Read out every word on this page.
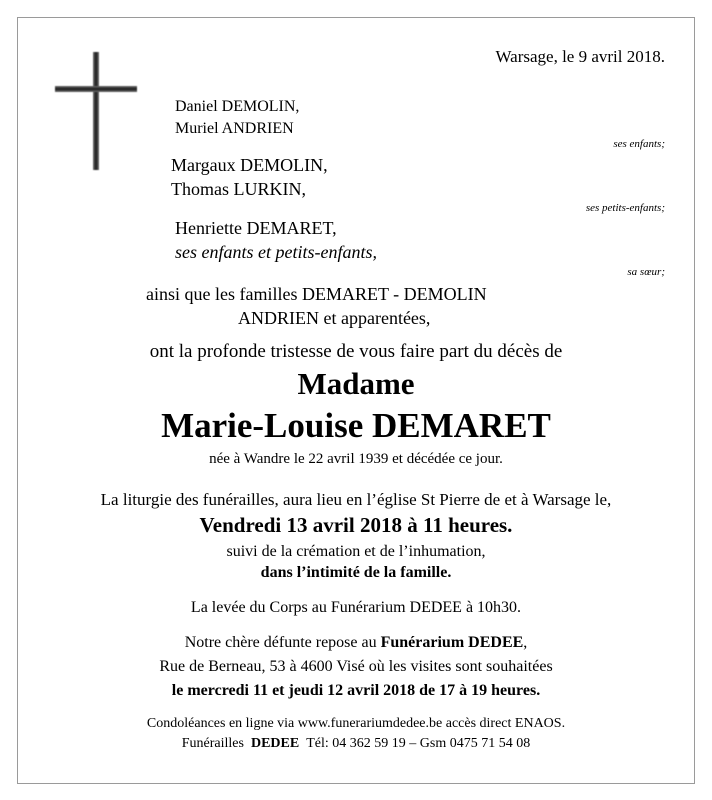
Warsage, le 9 avril 2018.
Daniel DEMOLIN,
Muriel ANDRIEN
ses enfants;
Margaux DEMOLIN,
Thomas LURKIN,
ses petits-enfants;
Henriette DEMARET,
ses enfants et petits-enfants,
sa sœur;
ainsi que les familles DEMARET - DEMOLIN
ANDRIEN et apparentées,
ont la profonde tristesse de vous faire part du décès de
Madame
Marie-Louise DEMARET
née à Wandre le 22 avril 1939 et décédée ce jour.
La liturgie des funérailles, aura lieu en l’église St Pierre de et à Warsage le,
Vendredi 13 avril 2018 à 11 heures.
suivi de la crémation et de l’inhumation,
dans l’intimité de la famille.
La levée du Corps au Funérarium DEDEE à 10h30.
Notre chère défunte repose au Funérarium DEDEE,
Rue de Berneau, 53 à 4600 Visé où les visites sont souhaitées
le mercredi 11 et jeudi 12 avril 2018 de 17 à 19 heures.
Condoléances en ligne via www.funerariumdedee.be accès direct ENAOS.
Funérailles DEDEE Tél: 04 362 59 19 – Gsm 0475 71 54 08
